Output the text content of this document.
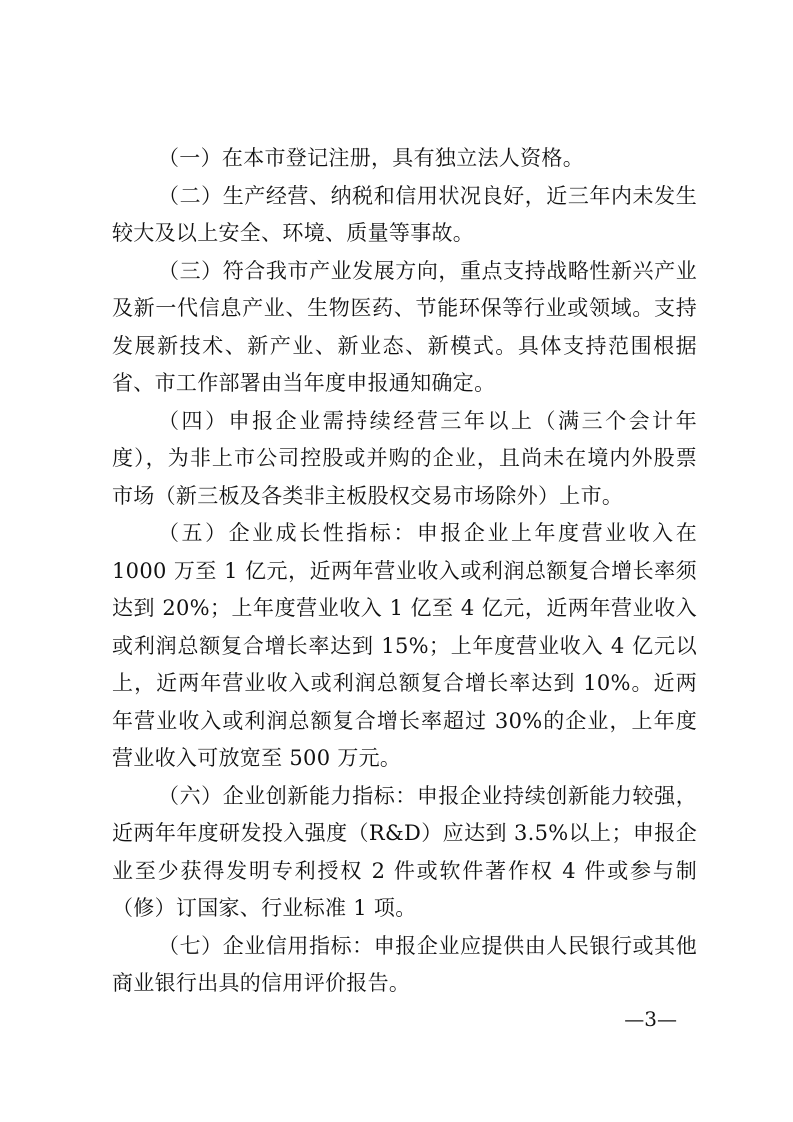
（一）在本市登记注册，具有独立法人资格。

（二）生产经营、纳税和信用状况良好，近三年内未发生较大及以上安全、环境、质量等事故。

（三）符合我市产业发展方向，重点支持战略性新兴产业及新一代信息产业、生物医药、节能环保等行业或领域。支持发展新技术、新产业、新业态、新模式。具体支持范围根据省、市工作部署由当年度申报通知确定。

（四）申报企业需持续经营三年以上（满三个会计年度），为非上市公司控股或并购的企业，且尚未在境内外股票市场（新三板及各类非主板股权交易市场除外）上市。

（五）企业成长性指标：申报企业上年度营业收入在 1000 万至 1 亿元，近两年营业收入或利润总额复合增长率须达到 20%；上年度营业收入 1 亿至 4 亿元，近两年营业收入或利润总额复合增长率达到 15%；上年度营业收入 4 亿元以上，近两年营业收入或利润总额复合增长率达到 10%。近两年营业收入或利润总额复合增长率超过 30%的企业，上年度营业收入可放宽至 500 万元。

（六）企业创新能力指标：申报企业持续创新能力较强，近两年年度研发投入强度（R&D）应达到 3.5%以上；申报企业至少获得发明专利授权 2 件或软件著作权 4 件或参与制（修）订国家、行业标准 1 项。

（七）企业信用指标：申报企业应提供由人民银行或其他商业银行出具的信用评价报告。

—3—
